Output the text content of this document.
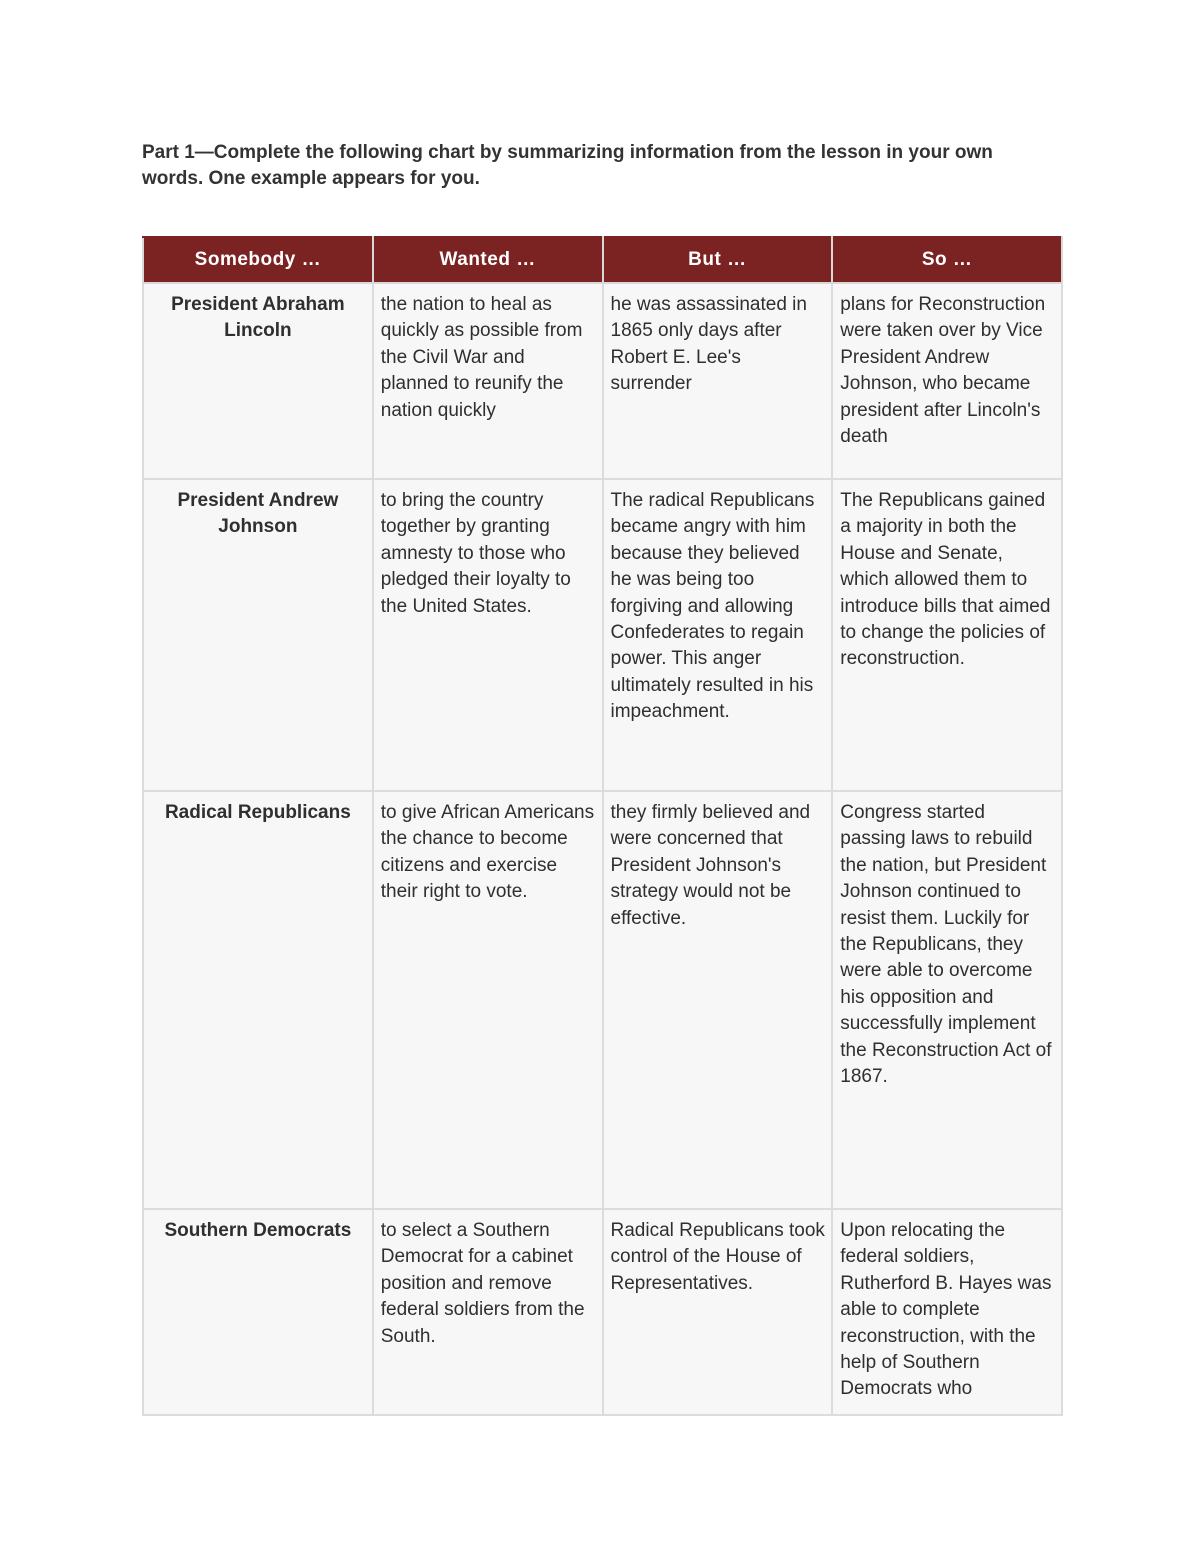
Part 1—Complete the following chart by summarizing information from the lesson in your own words. One example appears for you.

Somebody …	Wanted …	But …	So …
President Abraham Lincoln	the nation to heal as quickly as possible from the Civil War and planned to reunify the nation quickly	he was assassinated in 1865 only days after Robert E. Lee's surrender	plans for Reconstruction were taken over by Vice President Andrew Johnson, who became president after Lincoln's death
President Andrew Johnson	to bring the country together by granting amnesty to those who pledged their loyalty to the United States.	The radical Republicans became angry with him because they believed he was being too forgiving and allowing Confederates to regain power. This anger ultimately resulted in his impeachment.	The Republicans gained a majority in both the House and Senate, which allowed them to introduce bills that aimed to change the policies of reconstruction.
Radical Republicans	to give African Americans the chance to become citizens and exercise their right to vote.	they firmly believed and were concerned that President Johnson's strategy would not be effective.	Congress started passing laws to rebuild the nation, but President Johnson continued to resist them. Luckily for the Republicans, they were able to overcome his opposition and successfully implement the Reconstruction Act of 1867.
Southern Democrats	to select a Southern Democrat for a cabinet position and remove federal soldiers from the South.	Radical Republicans took control of the House of Representatives.	Upon relocating the federal soldiers, Rutherford B. Hayes was able to complete reconstruction, with the help of Southern Democrats who
